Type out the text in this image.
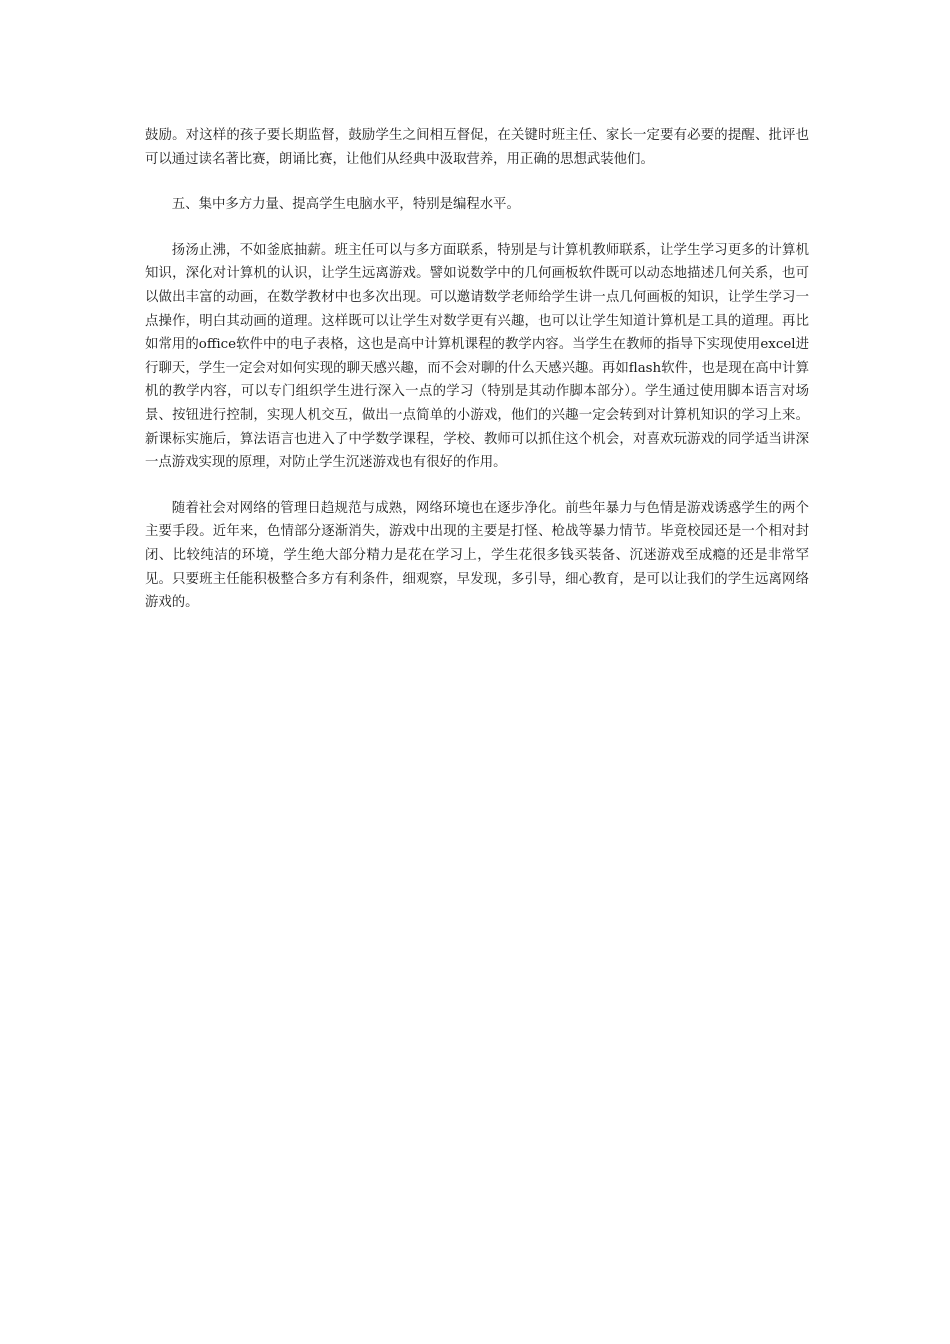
鼓励。对这样的孩子要长期监督，鼓励学生之间相互督促，在关键时班主任、家长一定要有必要的提醒、批评也可以通过读名著比赛，朗诵比赛，让他们从经典中汲取营养，用正确的思想武装他们。

五、集中多方力量、提高学生电脑水平，特别是编程水平。

扬汤止沸，不如釜底抽薪。班主任可以与多方面联系，特别是与计算机教师联系，让学生学习更多的计算机知识，深化对计算机的认识，让学生远离游戏。譬如说数学中的几何画板软件既可以动态地描述几何关系，也可以做出丰富的动画，在数学教材中也多次出现。可以邀请数学老师给学生讲一点几何画板的知识，让学生学习一点操作，明白其动画的道理。这样既可以让学生对数学更有兴趣，也可以让学生知道计算机是工具的道理。再比如常用的office软件中的电子表格，这也是高中计算机课程的教学内容。当学生在教师的指导下实现使用excel进行聊天，学生一定会对如何实现的聊天感兴趣，而不会对聊的什么天感兴趣。再如flash软件，也是现在高中计算机的教学内容，可以专门组织学生进行深入一点的学习（特别是其动作脚本部分）。学生通过使用脚本语言对场景、按钮进行控制，实现人机交互，做出一点简单的小游戏，他们的兴趣一定会转到对计算机知识的学习上来。新课标实施后，算法语言也进入了中学数学课程，学校、教师可以抓住这个机会，对喜欢玩游戏的同学适当讲深一点游戏实现的原理，对防止学生沉迷游戏也有很好的作用。

随着社会对网络的管理日趋规范与成熟，网络环境也在逐步净化。前些年暴力与色情是游戏诱惑学生的两个主要手段。近年来，色情部分逐渐消失，游戏中出现的主要是打怪、枪战等暴力情节。毕竟校园还是一个相对封闭、比较纯洁的环境，学生绝大部分精力是花在学习上，学生花很多钱买装备、沉迷游戏至成瘾的还是非常罕见。只要班主任能积极整合多方有利条件，细观察，早发现，多引导，细心教育，是可以让我们的学生远离网络游戏的。
